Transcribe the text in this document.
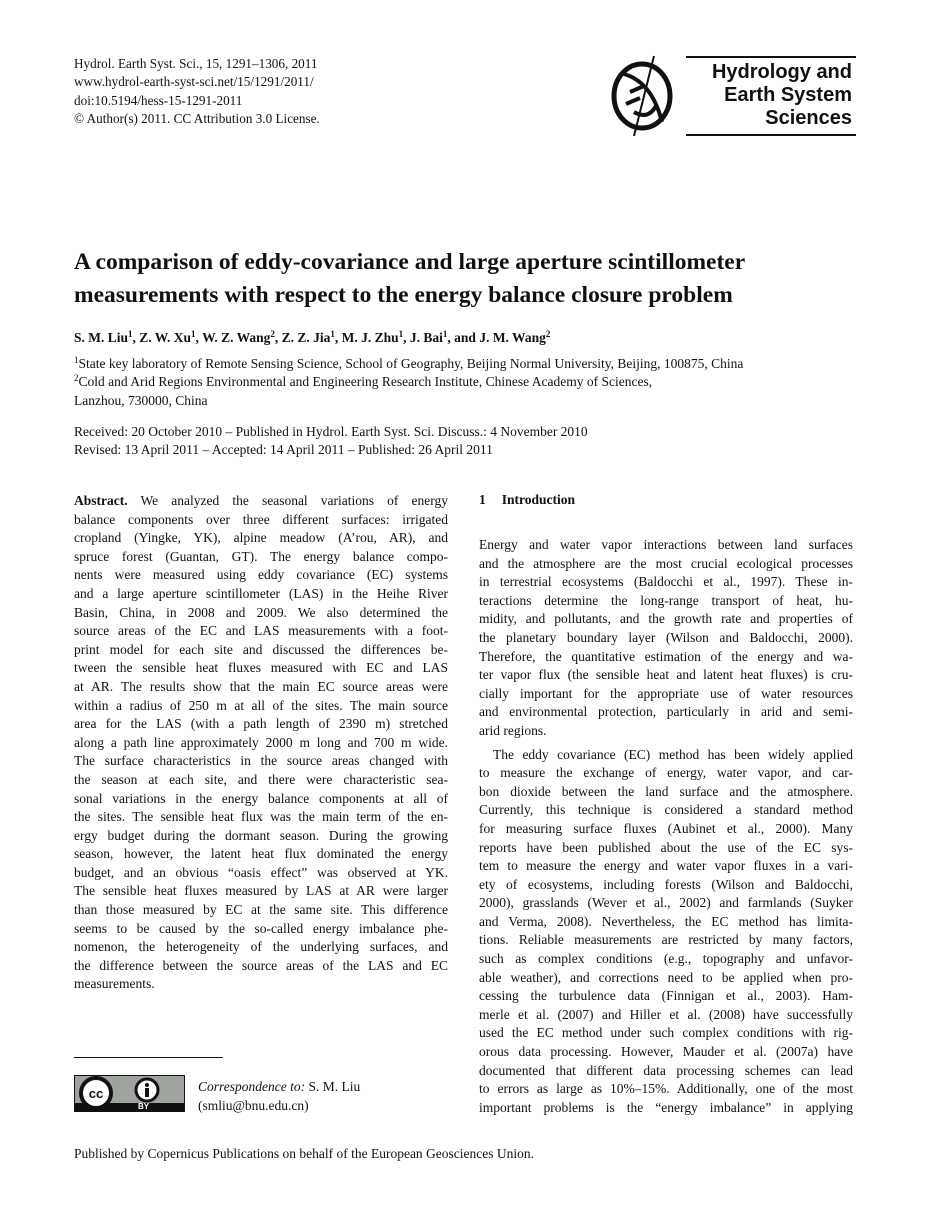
Hydrol. Earth Syst. Sci., 15, 1291–1306, 2011
www.hydrol-earth-syst-sci.net/15/1291/2011/
doi:10.5194/hess-15-1291-2011
© Author(s) 2011. CC Attribution 3.0 License.
Hydrology and
Earth System
Sciences
A comparison of eddy-covariance and large aperture scintillometer measurements with respect to the energy balance closure problem
S. M. Liu$^1$, Z. W. Xu$^1$, W. Z. Wang$^2$, Z. Z. Jia$^1$, M. J. Zhu$^1$, J. Bai$^1$, and J. M. Wang$^2$
$^1$State key laboratory of Remote Sensing Science, School of Geography, Beijing Normal University, Beijing, 100875, China
$^2$Cold and Arid Regions Environmental and Engineering Research Institute, Chinese Academy of Sciences,
Lanzhou, 730000, China
Received: 20 October 2010 – Published in Hydrol. Earth Syst. Sci. Discuss.: 4 November 2010
Revised: 13 April 2011 – Accepted: 14 April 2011 – Published: 26 April 2011
Abstract. We analyzed the seasonal variations of energy
balance components over three different surfaces: irrigated
cropland (Yingke, YK), alpine meadow (A’rou, AR), and
spruce forest (Guantan, GT). The energy balance compo-
nents were measured using eddy covariance (EC) systems
and a large aperture scintillometer (LAS) in the Heihe River
Basin, China, in 2008 and 2009. We also determined the
source areas of the EC and LAS measurements with a foot-
print model for each site and discussed the differences be-
tween the sensible heat fluxes measured with EC and LAS
at AR. The results show that the main EC source areas were
within a radius of 250 m at all of the sites. The main source
area for the LAS (with a path length of 2390 m) stretched
along a path line approximately 2000 m long and 700 m wide.
The surface characteristics in the source areas changed with
the season at each site, and there were characteristic sea-
sonal variations in the energy balance components at all of
the sites. The sensible heat flux was the main term of the en-
ergy budget during the dormant season. During the growing
season, however, the latent heat flux dominated the energy
budget, and an obvious “oasis effect” was observed at YK.
The sensible heat fluxes measured by LAS at AR were larger
than those measured by EC at the same site. This difference
seems to be caused by the so-called energy imbalance phe-
nomenon, the heterogeneity of the underlying surfaces, and
the difference between the source areas of the LAS and EC
measurements.
1 Introduction
Energy and water vapor interactions between land surfaces
and the atmosphere are the most crucial ecological processes
in terrestrial ecosystems (Baldocchi et al., 1997). These in-
teractions determine the long-range transport of heat, hu-
midity, and pollutants, and the growth rate and properties of
the planetary boundary layer (Wilson and Baldocchi, 2000).
Therefore, the quantitative estimation of the energy and wa-
ter vapor flux (the sensible heat and latent heat fluxes) is cru-
cially important for the appropriate use of water resources
and environmental protection, particularly in arid and semi-
arid regions.
The eddy covariance (EC) method has been widely applied
to measure the exchange of energy, water vapor, and car-
bon dioxide between the land surface and the atmosphere.
Currently, this technique is considered a standard method
for measuring surface fluxes (Aubinet et al., 2000). Many
reports have been published about the use of the EC sys-
tem to measure the energy and water vapor fluxes in a vari-
ety of ecosystems, including forests (Wilson and Baldocchi,
2000), grasslands (Wever et al., 2002) and farmlands (Suyker
and Verma, 2008). Nevertheless, the EC method has limita-
tions. Reliable measurements are restricted by many factors,
such as complex conditions (e.g., topography and unfavor-
able weather), and corrections need to be applied when pro-
cessing the turbulence data (Finnigan et al., 2003). Ham-
merle et al. (2007) and Hiller et al. (2008) have successfully
used the EC method under such complex conditions with rig-
orous data processing. However, Mauder et al. (2007a) have
documented that different data processing schemes can lead
to errors as large as 10%–15%. Additionally, one of the most
important problems is the “energy imbalance” in applying
cc
BY
Correspondence to: S. M. Liu
(smliu@bnu.edu.cn)
Published by Copernicus Publications on behalf of the European Geosciences Union.
